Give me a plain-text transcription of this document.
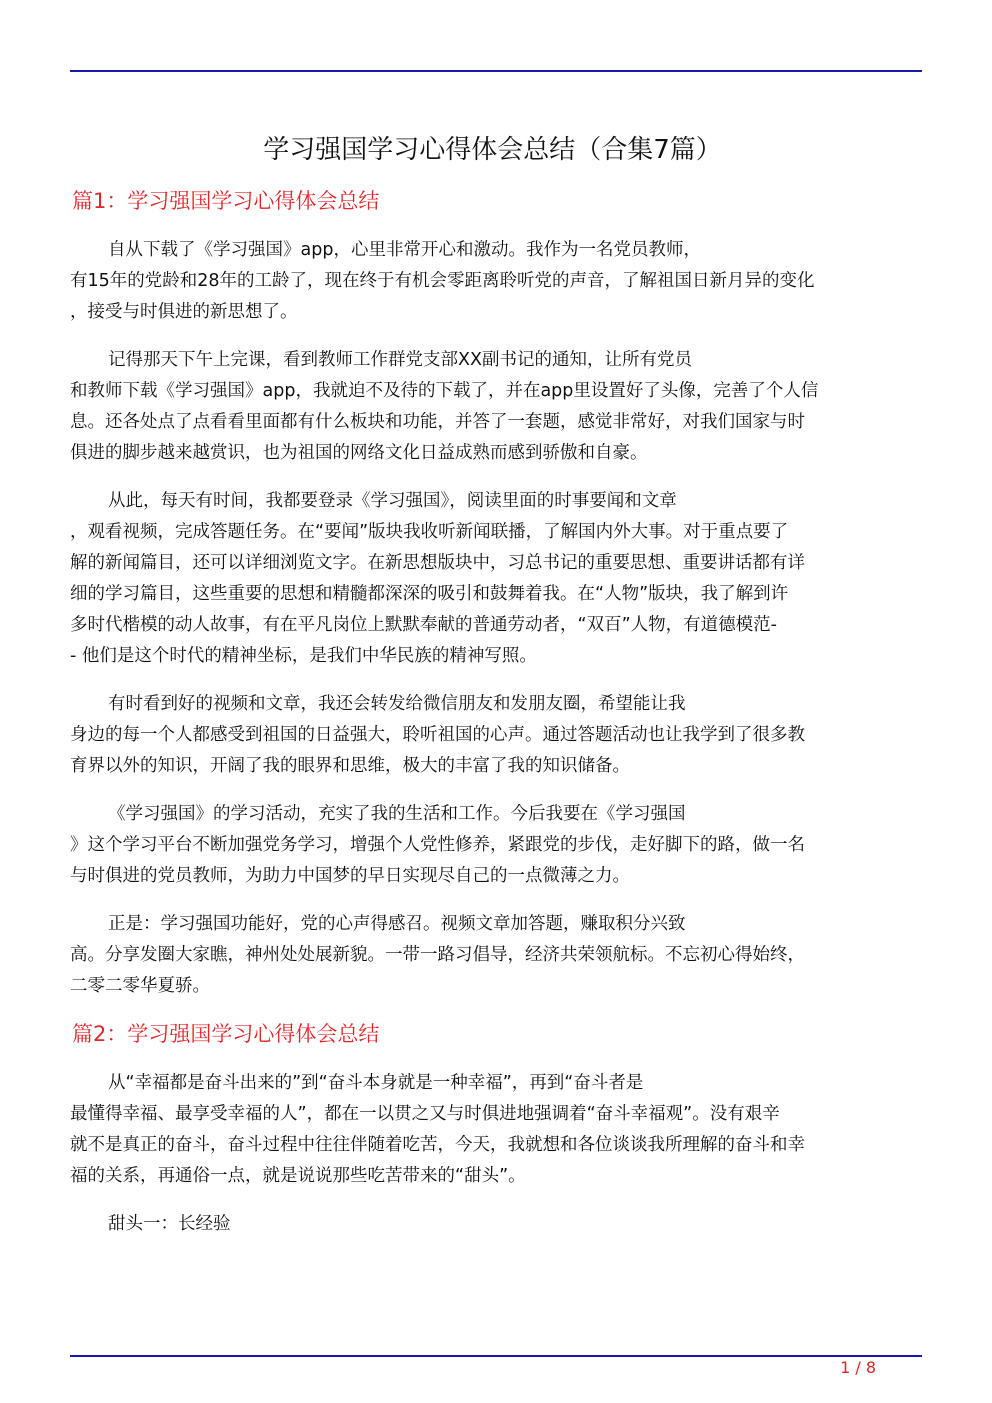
学习强国学习心得体会总结（合集7篇）
篇1：学习强国学习心得体会总结
自从下载了《学习强国》app，心里非常开心和激动。我作为一名党员教师，
有15年的党龄和28年的工龄了，现在终于有机会零距离聆听党的声音，了解祖国日新月异的变化
，接受与时俱进的新思想了。
记得那天下午上完课，看到教师工作群党支部XX副书记的通知，让所有党员
和教师下载《学习强国》app，我就迫不及待的下载了，并在app里设置好了头像，完善了个人信
息。还各处点了点看看里面都有什么板块和功能，并答了一套题，感觉非常好，对我们国家与时
俱进的脚步越来越赏识，也为祖国的网络文化日益成熟而感到骄傲和自豪。
从此，每天有时间，我都要登录《学习强国》，阅读里面的时事要闻和文章
，观看视频，完成答题任务。在“要闻”版块我收听新闻联播，了解国内外大事。对于重点要了
解的新闻篇目，还可以详细浏览文字。在新思想版块中，习总书记的重要思想、重要讲话都有详
细的学习篇目，这些重要的思想和精髓都深深的吸引和鼓舞着我。在“人物”版块，我了解到许
多时代楷模的动人故事，有在平凡岗位上默默奉献的普通劳动者，“双百”人物，有道德模范-
- 他们是这个时代的精神坐标，是我们中华民族的精神写照。
有时看到好的视频和文章，我还会转发给微信朋友和发朋友圈，希望能让我
身边的每一个人都感受到祖国的日益强大，聆听祖国的心声。通过答题活动也让我学到了很多教
育界以外的知识，开阔了我的眼界和思维，极大的丰富了我的知识储备。
《学习强国》的学习活动，充实了我的生活和工作。今后我要在《学习强国
》这个学习平台不断加强党务学习，增强个人党性修养，紧跟党的步伐，走好脚下的路，做一名
与时俱进的党员教师，为助力中国梦的早日实现尽自己的一点微薄之力。
正是：学习强国功能好，党的心声得感召。视频文章加答题，赚取积分兴致
高。分享发圈大家瞧，神州处处展新貌。一带一路习倡导，经济共荣领航标。不忘初心得始终，
二零二零华夏骄。
篇2：学习强国学习心得体会总结
从“幸福都是奋斗出来的”到“奋斗本身就是一种幸福”，再到“奋斗者是
最懂得幸福、最享受幸福的人”，都在一以贯之又与时俱进地强调着“奋斗幸福观”。没有艰辛
就不是真正的奋斗，奋斗过程中往往伴随着吃苦，今天，我就想和各位谈谈我所理解的奋斗和幸
福的关系，再通俗一点，就是说说那些吃苦带来的“甜头”。
甜头一：长经验
1 / 8
